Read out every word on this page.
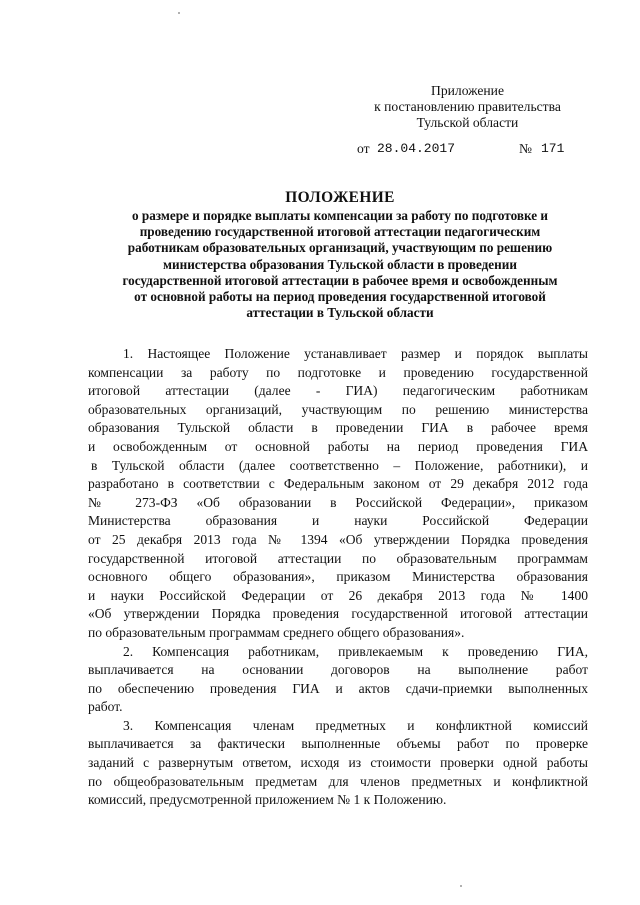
Приложение
к постановлению правительства
Тульской области
от 28.04.2017	№ 171
ПОЛОЖЕНИЕ
о размере и порядке выплаты компенсации за работу по подготовке и
проведению государственной итоговой аттестации педагогическим
работникам образовательных организаций, участвующим по решению
министерства образования Тульской области в проведении
государственной итоговой аттестации в рабочее время и освобожденным
от основной работы на период проведения государственной итоговой
аттестации в Тульской области

1. Настоящее Положение устанавливает размер и порядок выплаты
компенсации за работу по подготовке и проведению государственной
итоговой аттестации (далее - ГИА) педагогическим работникам
образовательных организаций, участвующим по решению министерства
образования Тульской области в проведении ГИА в рабочее время
и освобожденным от основной работы на период проведения ГИА
в Тульской области (далее соответственно – Положение, работники), и
разработано в соответствии с Федеральным законом от 29 декабря 2012 года
№ 273-ФЗ «Об образовании в Российской Федерации», приказом
Министерства образования и науки Российской Федерации
от 25 декабря 2013 года № 1394 «Об утверждении Порядка проведения
государственной итоговой аттестации по образовательным программам
основного общего образования», приказом Министерства образования
и науки Российской Федерации от 26 декабря 2013 года № 1400
«Об утверждении Порядка проведения государственной итоговой аттестации
по образовательным программам среднего общего образования».

2. Компенсация работникам, привлекаемым к проведению ГИА,
выплачивается на основании договоров на выполнение работ
по обеспечению проведения ГИА и актов сдачи-приемки выполненных
работ.

3. Компенсация членам предметных и конфликтной комиссий
выплачивается за фактически выполненные объемы работ по проверке
заданий с развернутым ответом, исходя из стоимости проверки одной работы
по общеобразовательным предметам для членов предметных и конфликтной
комиссий, предусмотренной приложением № 1 к Положению.
